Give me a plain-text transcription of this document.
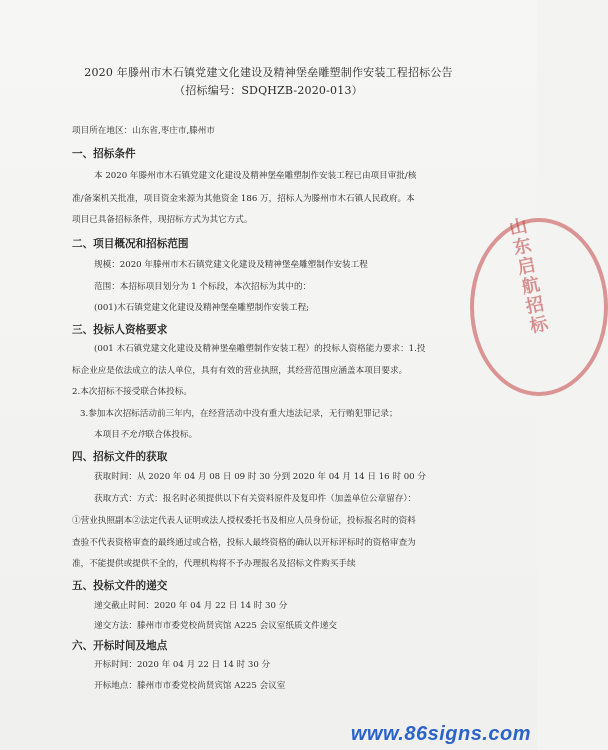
2020 年滕州市木石镇党建文化建设及精神堡垒雕塑制作安装工程招标公告
（招标编号：SDQHZB-2020-013）
项目所在地区：山东省,枣庄市,滕州市
一、招标条件
本 2020 年滕州市木石镇党建文化建设及精神堡垒雕塑制作安装工程已由项目审批/核
准/备案机关批准，项目资金来源为其他资金 186 万，招标人为滕州市木石镇人民政府。本
项目已具备招标条件，现招标方式为其它方式。
二、项目概况和招标范围
规模：2020 年滕州市木石镇党建文化建设及精神堡垒雕塑制作安装工程
范围：本招标项目划分为 1 个标段，本次招标为其中的：
(001)木石镇党建文化建设及精神堡垒雕塑制作安装工程;
三、投标人资格要求
(001 木石镇党建文化建设及精神堡垒雕塑制作安装工程）的投标人资格能力要求：1.投
标企业应是依法成立的法人单位，具有有效的营业执照，其经营范围应涵盖本项目要求。
2.本次招标不接受联合体投标。
3.参加本次招标活动前三年内，在经营活动中没有重大违法记录，无行贿犯罪记录；
本项目不允许联合体投标。
四、招标文件的获取
获取时间：从 2020 年 04 月 08 日 09 时 30 分到 2020 年 04 月 14 日 16 时 00 分
获取方式：方式：报名时必须提供以下有关资料原件及复印件（加盖单位公章留存）：
①营业执照副本②法定代表人证明或法人授权委托书及相应人员身份证，投标报名时的资料
查验不代表资格审查的最终通过或合格，投标人最终资格的确认以开标评标时的资格审查为
准，不能提供或提供不全的，代理机构将不予办理报名及招标文件购买手续
五、投标文件的递交
递交截止时间：2020 年 04 月 22 日 14 时 30 分
递交方法：滕州市市委党校尚贤宾馆 A225 会议室纸质文件递交
六、开标时间及地点
开标时间：2020 年 04 月 22 日 14 时 30 分
开标地点：滕州市市委党校尚贤宾馆 A225 会议室
山东启航招标
www.86signs.com
